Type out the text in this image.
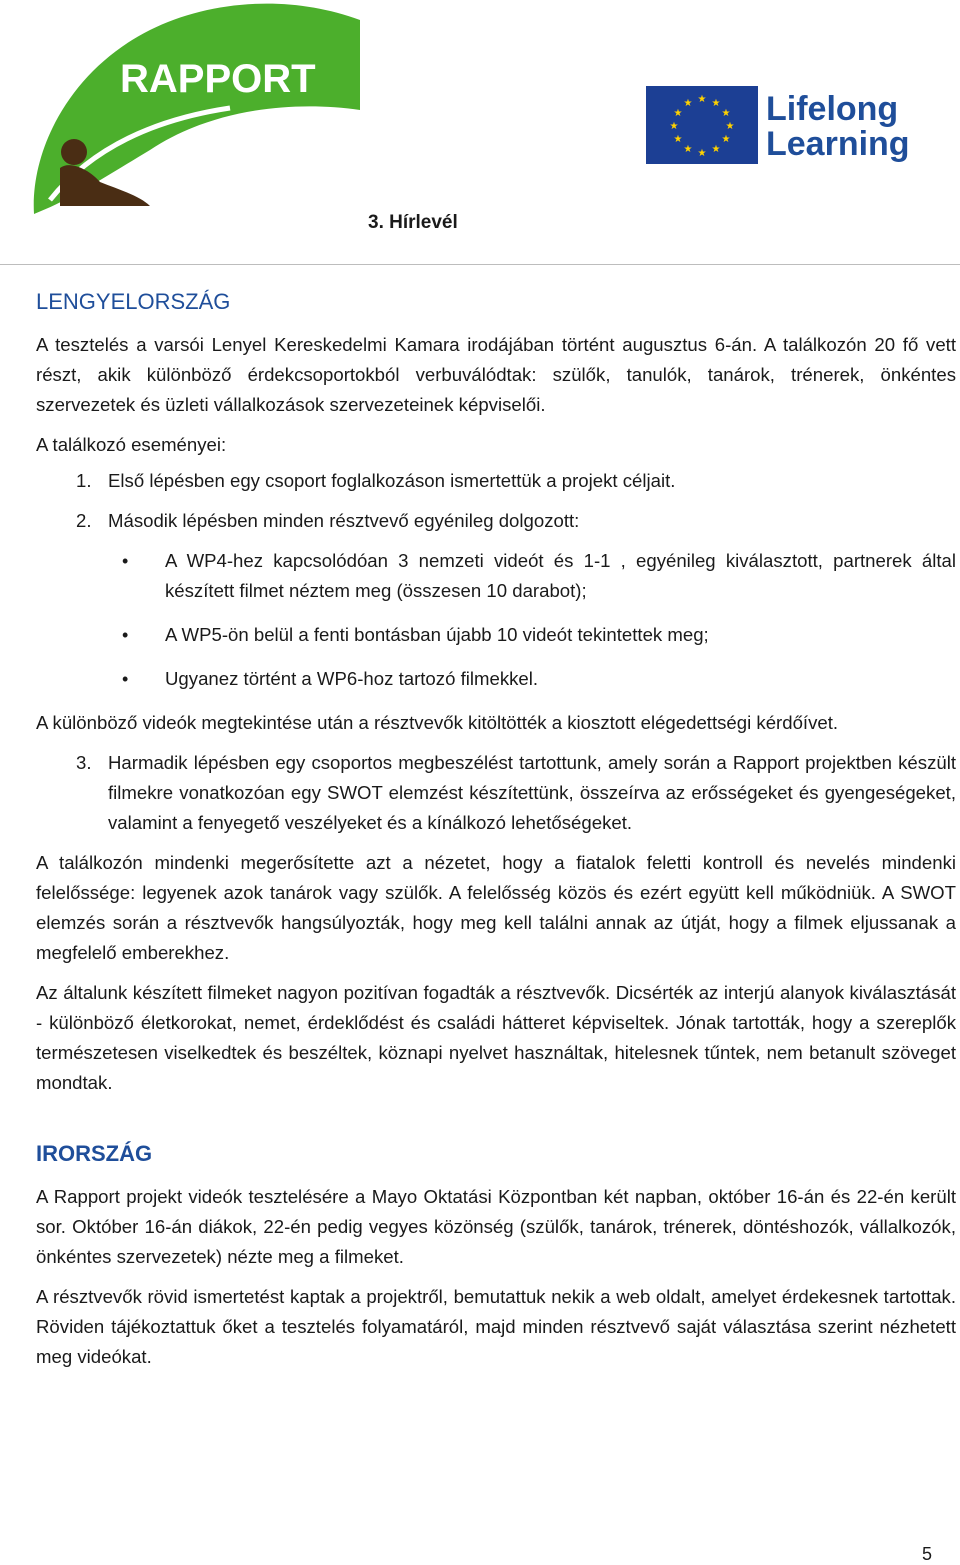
RAPPORT	★ ★
★
★
★
★
★
★
★
★
★
★ Lifelong
Learning
3. Hírlevél
LENGYELORSZÁG

A tesztelés a varsói Lenyel Kereskedelmi Kamara irodájában történt augusztus 6-án. A találkozón 20 fő vett részt, akik különböző érdekcsoportokból verbuválódtak: szülők, tanulók, tanárok, trénerek, önkéntes szervezetek és üzleti vállalkozások szervezeteinek képviselői.

A találkozó eseményei:

1. Első lépésben egy csoport foglalkozáson ismertettük a projekt céljait.
2. Második lépésben minden résztvevő egyénileg dolgozott:
• A WP4-hez kapcsolódóan 3 nemzeti videót és 1-1 , egyénileg kiválasztott, partnerek által készített filmet néztem meg (összesen 10 darabot);
• A WP5-ön belül a fenti bontásban újabb 10 videót tekintettek meg;
• Ugyanez történt a WP6-hoz tartozó filmekkel.

A különböző videók megtekintése után a résztvevők kitöltötték a kiosztott elégedettségi kérdőívet.

3. Harmadik lépésben egy csoportos megbeszélést tartottunk, amely során a Rapport projektben készült filmekre vonatkozóan egy SWOT elemzést készítettünk, összeírva az erősségeket és gyengeségeket, valamint a fenyegető veszélyeket és a kínálkozó lehetőségeket.

A találkozón mindenki megerősítette azt a nézetet, hogy a fiatalok feletti kontroll és nevelés mindenki felelőssége: legyenek azok tanárok vagy szülők. A felelősség közös és ezért együtt kell működniük. A SWOT elemzés során a résztvevők hangsúlyozták, hogy meg kell találni annak az útját, hogy a filmek eljussanak a megfelelő emberekhez.

Az általunk készített filmeket nagyon pozitívan fogadták a résztvevők. Dicsérték az interjú alanyok kiválasztását - különböző életkorokat, nemet, érdeklődést és családi hátteret képviseltek. Jónak tartották, hogy a szereplők természetesen viselkedtek és beszéltek, köznapi nyelvet használtak, hitelesnek tűntek, nem betanult szöveget mondtak.

IRORSZÁG

A Rapport projekt videók tesztelésére a Mayo Oktatási Központban két napban, október 16-án és 22-én került sor. Október 16-án diákok, 22-én pedig vegyes közönség (szülők, tanárok, trénerek, döntéshozók, vállalkozók, önkéntes szervezetek) nézte meg a filmeket.

A résztvevők rövid ismertetést kaptak a projektről, bemutattuk nekik a web oldalt, amelyet érdekesnek tartottak. Röviden tájékoztattuk őket a tesztelés folyamatáról, majd minden résztvevő saját választása szerint nézhetett meg videókat.

5
